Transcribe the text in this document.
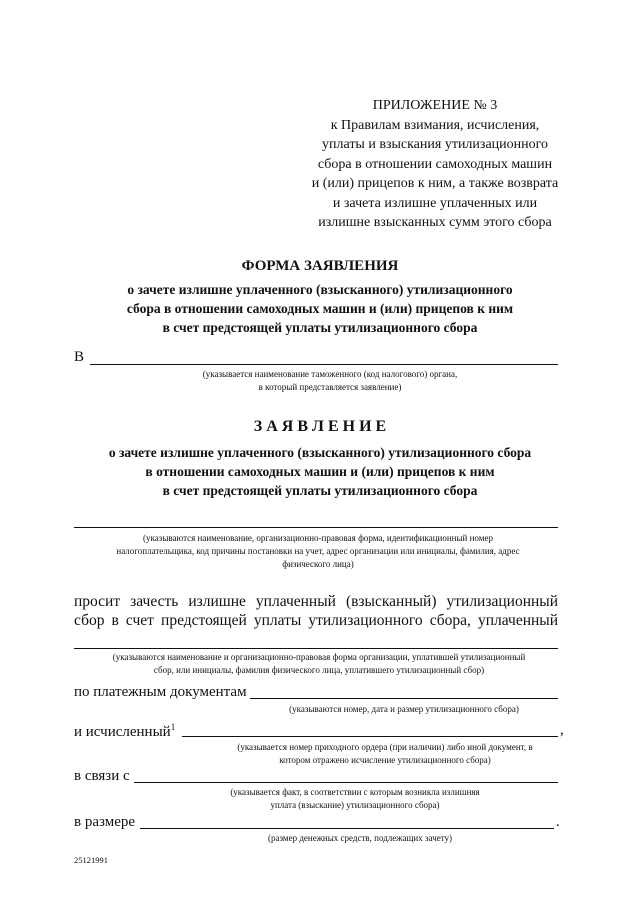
ПРИЛОЖЕНИЕ № 3
к Правилам взимания, исчисления,
уплаты и взыскания утилизационного
сбора в отношении самоходных машин
и (или) прицепов к ним, а также возврата
и зачета излишне уплаченных или
излишне взысканных сумм этого сбора
ФОРМА ЗАЯВЛЕНИЯ
о зачете излишне уплаченного (взысканного) утилизационного
сбора в отношении самоходных машин и (или) прицепов к ним
в счет предстоящей уплаты утилизационного сбора
В
(указывается наименование таможенного (код налогового) органа,
в который представляется заявление)
З А Я В Л Е Н И Е
о зачете излишне уплаченного (взысканного) утилизационного сбора
в отношении самоходных машин и (или) прицепов к ним
в счет предстоящей уплаты утилизационного сбора
(указываются наименование, организационно-правовая форма, идентификационный номер
налогоплательщика, код причины постановки на учет, адрес организации или инициалы, фамилия, адрес
физического лица)
просит зачесть излишне уплаченный (взысканный) утилизационный
сбор в счет предстоящей уплаты утилизационного сбора, уплаченный
(указываются наименование и организационно-правовая форма организации, уплатившей утилизационный
сбор, или инициалы, фамилия физического лица, уплатившего утилизационный сбор)
по платежным документам
(указываются номер, дата и размер утилизационного сбора)
и исчисленный$^1$	,
(указывается номер приходного ордера (при наличии) либо иной документ, в
котором отражено исчисление утилизационного сбора)
в связи с
(указывается факт, в соответствии с которым возникла излишняя
уплата (взыскание) утилизационного сбора)
в размере	.
(размер денежных средств, подлежащих зачету)
25121991
